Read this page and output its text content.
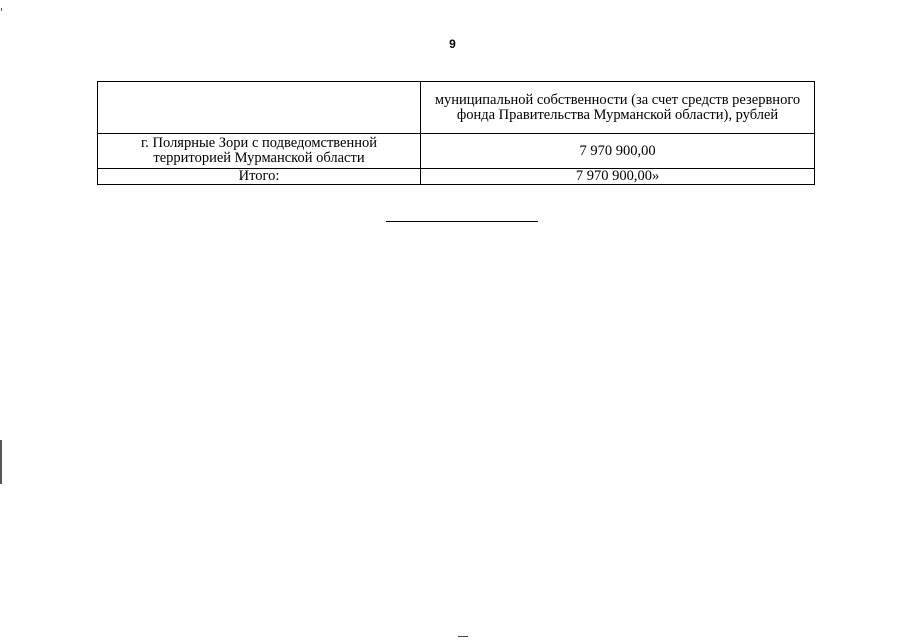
9
	муниципальной собственности (за счет средств резервного фонда Правительства Мурманской области), рублей
г. Полярные Зори с подведомственной территорией Мурманской области	7 970 900,00
Итого:	7 970 900,00»
